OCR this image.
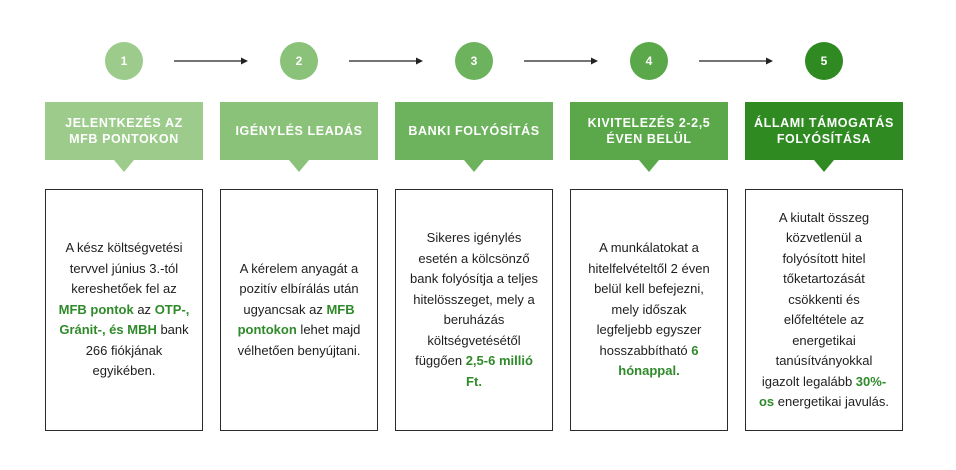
1
JELENTKEZÉS AZ MFB PONTOKON

A kész költségvetési tervvel június 3.-tól kereshetőek fel az MFB pontok az OTP-, Gránit-, és MBH bank 266 fiókjának egyikében.

2
IGÉNYLÉS LEADÁS

A kérelem anyagát a pozitív elbírálás után ugyancsak az MFB pontokon lehet majd vélhetően benyújtani.

3
BANKI FOLYÓSÍTÁS

Sikeres igénylés esetén a kölcsönző bank folyósítja a teljes hitelösszeget, mely a beruházás költségvetésétől függően 2,5-6 millió Ft.

4
KIVITELEZÉS 2-2,5 ÉVEN BELÜL

A munkálatokat a hitelfelvételtől 2 éven belül kell befejezni, mely időszak legfeljebb egyszer hosszabbítható 6 hónappal.

5
ÁLLAMI TÁMOGATÁS FOLYÓSÍTÁSA

A kiutalt összeg közvetlenül a folyósított hitel tőketartozását csökkenti és előfeltétele az energetikai tanúsítványokkal igazolt legalább 30%-os energetikai javulás.
